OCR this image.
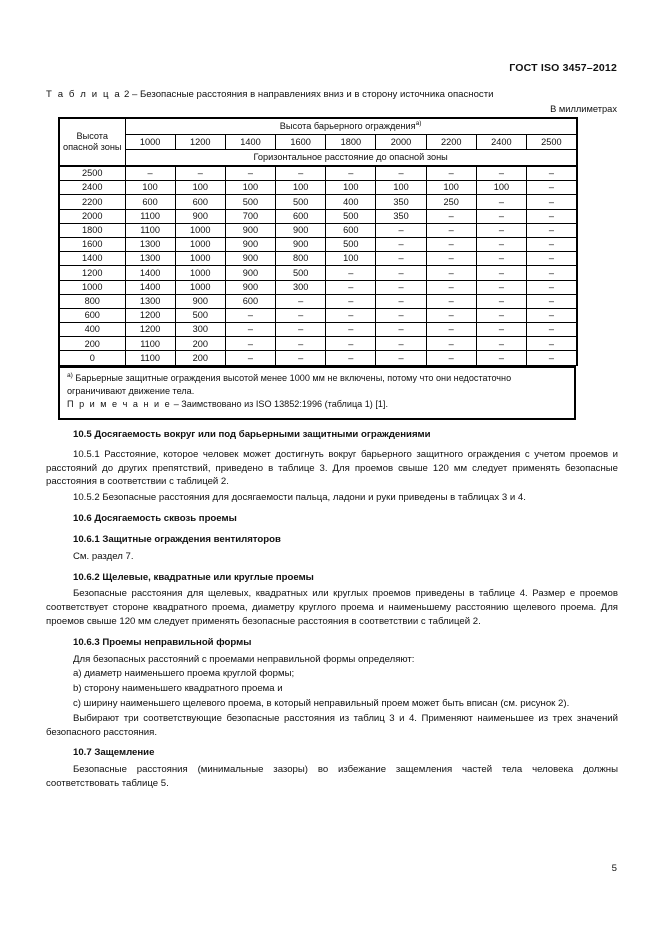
ГОСТ ISO 3457–2012
Т а б л и ц а 2 – Безопасные расстояния в направлениях вниз и в сторону источника опасности
В миллиметрах
Высота опасной зоны	Высота барьерного ограждения$^{а)}$
	1000	1200	1400	1600	1800	2000	2200	2400	2500
	Горизонтальное расстояние до опасной зоны								
2500	–	–	–	–	–	–	–	–	–
2400	100	100	100	100	100	100	100	100	–
2200	600	600	500	500	400	350	250	–	–
2000	1100	900	700	600	500	350	–	–	–
1800	1100	1000	900	900	600	–	–	–	–
1600	1300	1000	900	900	500	–	–	–	–
1400	1300	1000	900	800	100	–	–	–	–
1200	1400	1000	900	500	–	–	–	–	–
1000	1400	1000	900	300	–	–	–	–	–
800	1300	900	600	–	–	–	–	–	–
600	1200	500	–	–	–	–	–	–	–
400	1200	300	–	–	–	–	–	–	–
200	1100	200	–	–	–	–	–	–	–
0	1100	200	–	–	–	–	–	–	–

$^{а)}$ Барьерные защитные ограждения высотой менее 1000 мм не включены, потому что они недостаточно ограничивают движение тела.

П р и м е ч а н и е – Заимствовано из ISO 13852:1996 (таблица 1) [1].

10.5 Досягаемость вокруг или под барьерными защитными ограждениями

10.5.1 Расстояние, которое человек может достигнуть вокруг барьерного защитного ограждения с учетом проемов и расстояний до других препятствий, приведено в таблице 3. Для проемов свыше 120 мм следует применять безопасные расстояния в соответствии с таблицей 2.

10.5.2 Безопасные расстояния для досягаемости пальца, ладони и руки приведены в таблицах 3 и 4.

10.6 Досягаемость сквозь проемы

10.6.1 Защитные ограждения вентиляторов

См. раздел 7.

10.6.2 Щелевые, квадратные или круглые проемы

Безопасные расстояния для щелевых, квадратных или круглых проемов приведены в таблице 4. Размер e проемов соответствует стороне квадратного проема, диаметру круглого проема и наименьшему расстоянию щелевого проема. Для проемов свыше 120 мм следует применять безопасные расстояния в соответствии с таблицей 2.

10.6.3 Проемы неправильной формы

Для безопасных расстояний с проемами неправильной формы определяют:

a) диаметр наименьшего проема круглой формы;

b) сторону наименьшего квадратного проема и

c) ширину наименьшего щелевого проема, в который неправильный проем может быть вписан (см. рисунок 2).

Выбирают три соответствующие безопасные расстояния из таблиц 3 и 4. Применяют наименьшее из трех значений безопасного расстояния.

10.7 Защемление

Безопасные расстояния (минимальные зазоры) во избежание защемления частей тела человека должны соответствовать таблице 5.

5
